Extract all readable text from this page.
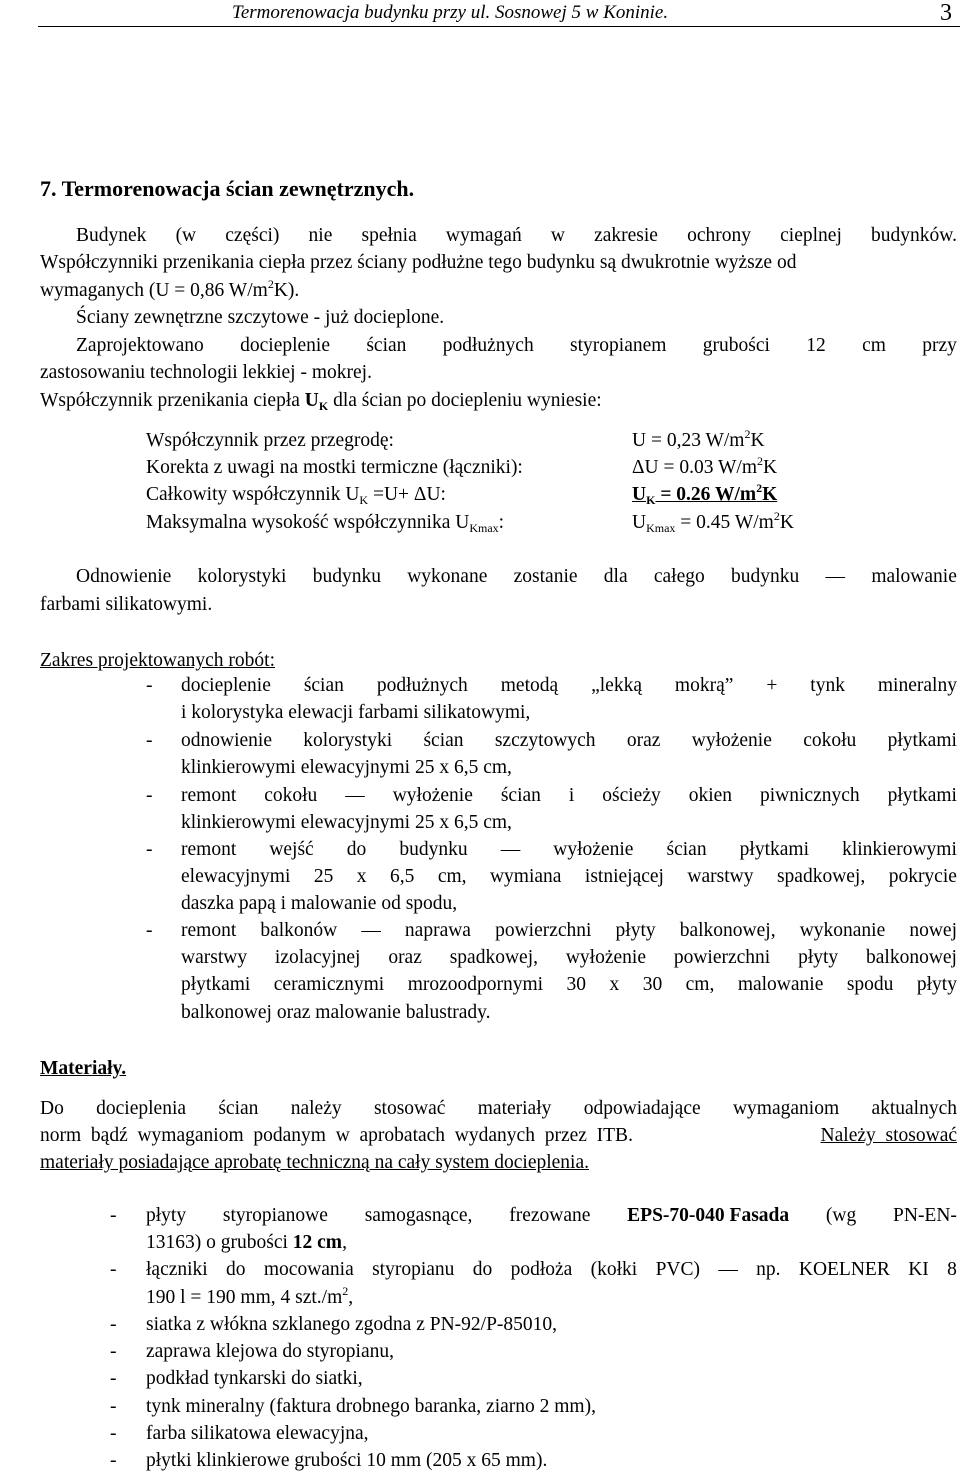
Termorenowacja budynku przy ul. Sosnowej 5 w Koninie.	3
7. Termorenowacja ścian zewnętrznych.
Budynek (w części) nie spełnia wymagań w zakresie ochrony cieplnej budynków.
Współczynniki przenikania ciepła przez ściany podłużne tego budynku są dwukrotnie wyższe od
wymaganych (U = 0,86 $W/m^2K$).
Ściany zewnętrzne szczytowe - już docieplone.
Zaprojektowano docieplenie ścian podłużnych styropianem grubości 12 cm przy
zastosowaniu technologii lekkiej - mokrej.
Współczynnik przenikania ciepła $U_K$ dla ścian po dociepleniu wyniesie:
Współczynnik przez przegrodę:	U = 0,23 $W/m^2K$
Korekta z uwagi na mostki termiczne (łączniki):	ΔU = 0.03 $W/m^2K$
Całkowity współczynnik $U_K =U+ \Delta U$:	$U_K = 0.26$ $W/m^2K$
Maksymalna wysokość współczynnika $U_{Kmax}$:	$U_{Kmax} = 0.45$ $W/m^2K$
Odnowienie kolorystyki budynku wykonane zostanie dla całego budynku — malowanie
farbami silikatowymi.
Zakres projektowanych robót:
- docieplenie ścian podłużnych metodą „lekką mokrą” + tynk mineralny
i kolorystyka elewacji farbami silikatowymi,
- odnowienie kolorystyki ścian szczytowych oraz wyłożenie cokołu płytkami
klinkierowymi elewacyjnymi 25 x 6,5 cm,
- remont cokołu — wyłożenie ścian i ościeży okien piwnicznych płytkami
klinkierowymi elewacyjnymi 25 x 6,5 cm,
- remont wejść do budynku — wyłożenie ścian płytkami klinkierowymi
elewacyjnymi 25 x 6,5 cm, wymiana istniejącej warstwy spadkowej, pokrycie
daszka papą i malowanie od spodu,
- remont balkonów — naprawa powierzchni płyty balkonowej, wykonanie nowej
warstwy izolacyjnej oraz spadkowej, wyłożenie powierzchni płyty balkonowej
płytkami ceramicznymi mrozoodpornymi 30 x 30 cm, malowanie spodu płyty
balkonowej oraz malowanie balustrady.
Materiały.
Do docieplenia ścian należy stosować materiały odpowiadające wymaganiom aktualnych
norm  bądź  wymaganiom  podanym  w  aprobatach  wydanych  przez  ITB.	Należy  stosować
materiały posiadające aprobatę techniczną na cały system docieplenia.
- płyty styropianowe samogasnące, frezowane EPS-70-040 Fasada (wg PN-EN-
13163) o grubości 12 cm,
- łączniki do mocowania styropianu do podłoża (kołki PVC) — np. KOELNER KI 8
190 l = 190 mm, 4 $szt./m^2$,
- siatka z włókna szklanego zgodna z PN-92/P-85010,
- zaprawa klejowa do styropianu,
- podkład tynkarski do siatki,
- tynk mineralny (faktura drobnego baranka, ziarno 2 mm),
- farba silikatowa elewacyjna,
- płytki klinkierowe grubości 10 mm (205 x 65 mm).
